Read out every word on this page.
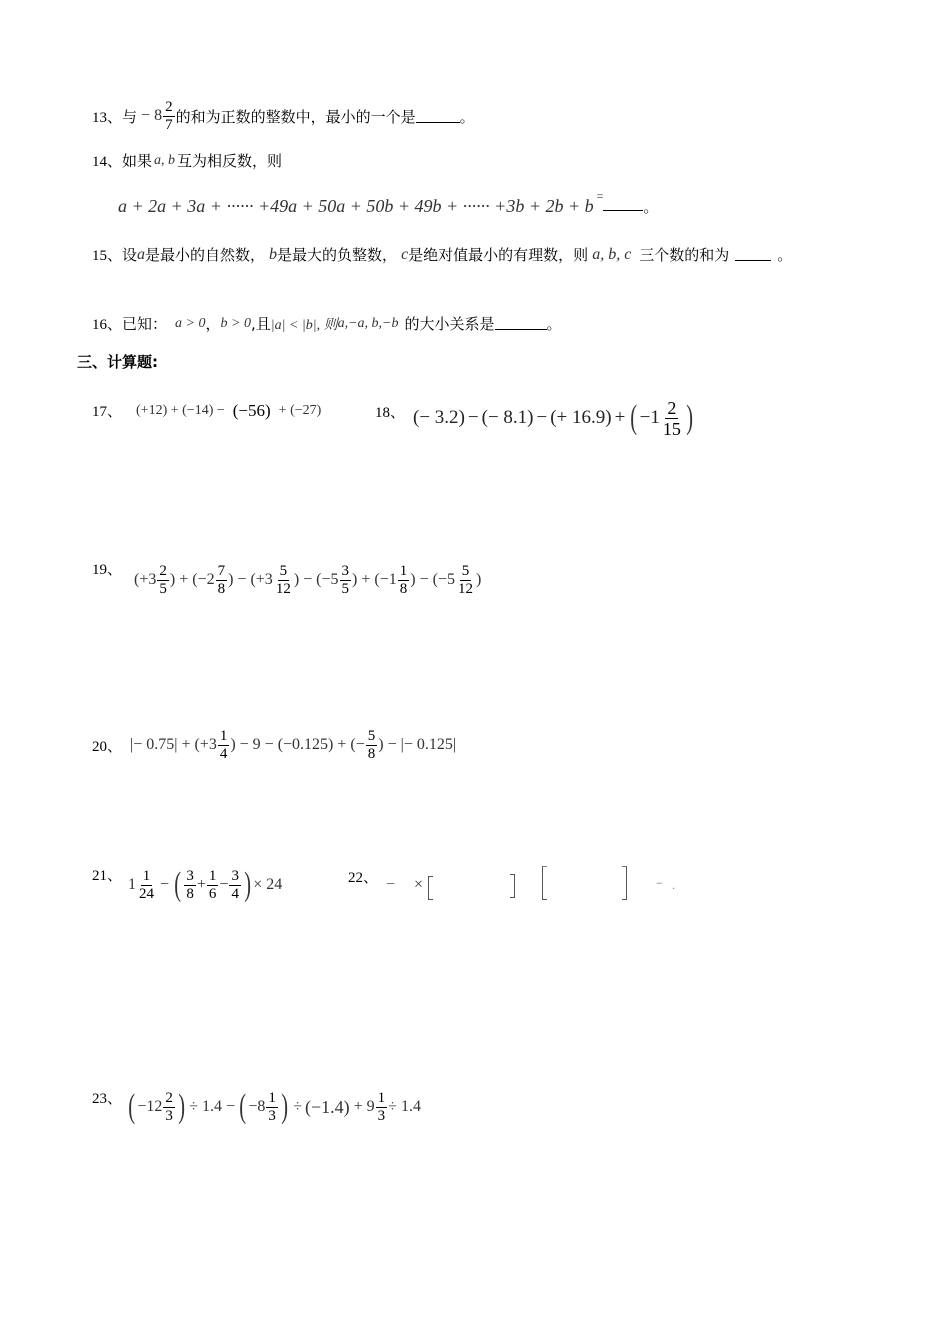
13、 与 − $8 \frac{2}{7}$ 的和为正数的整数中，最小的一个是	。
14、 如果 a, b 互为相反数，则
a + 2a + 3a + ······ +49a + 50a + 50b + 49b + ······ +3b + 2b + b =
。
15、 设 a 是最小的自然数， b 是最大的负整数， c 是绝对值最小的有理数，则 a, b, c 三个数的和为	。
16、 已知： a > 0 ， b > 0 ,且 |a| < |b|, 则 a,−a, b,−b 的大小关系是	。
三、计算题:
17、 (+12) + (−14) − (−56) + (−27)	18、 ( − 3.2 ) − ( − 8.1 ) − ( + 16.9 ) + ( $-1 \frac{2}{15}$ )
19、
($+3 \frac{2}{5}$ ) + ($-2 \frac{7}{8}$ ) − ($+3 \frac{5}{12}$ ) − ($-5 \frac{3}{5}$ ) + ($-1 \frac{1}{8}$ ) − ($-5 \frac{5}{12}$ )
20、 |− $0.75| + (+3 \frac{1}{4}$ ) − 9 − (−0.125) + (− $\frac{5}{8}$ ) − |− 0.125|
21、 $1 \frac{1}{24}$ − ( $\frac{3}{8} + \frac{1}{6} - \frac{3}{4}$ ) × 24	22、 − ×	− .
23、 ( $-12 \frac{2}{3}$ ) ÷ 1.4 − ( $-8 \frac{1}{3}$ ) ÷ $(-1.4) + 9 \frac{1}{3} \div 1.4$
